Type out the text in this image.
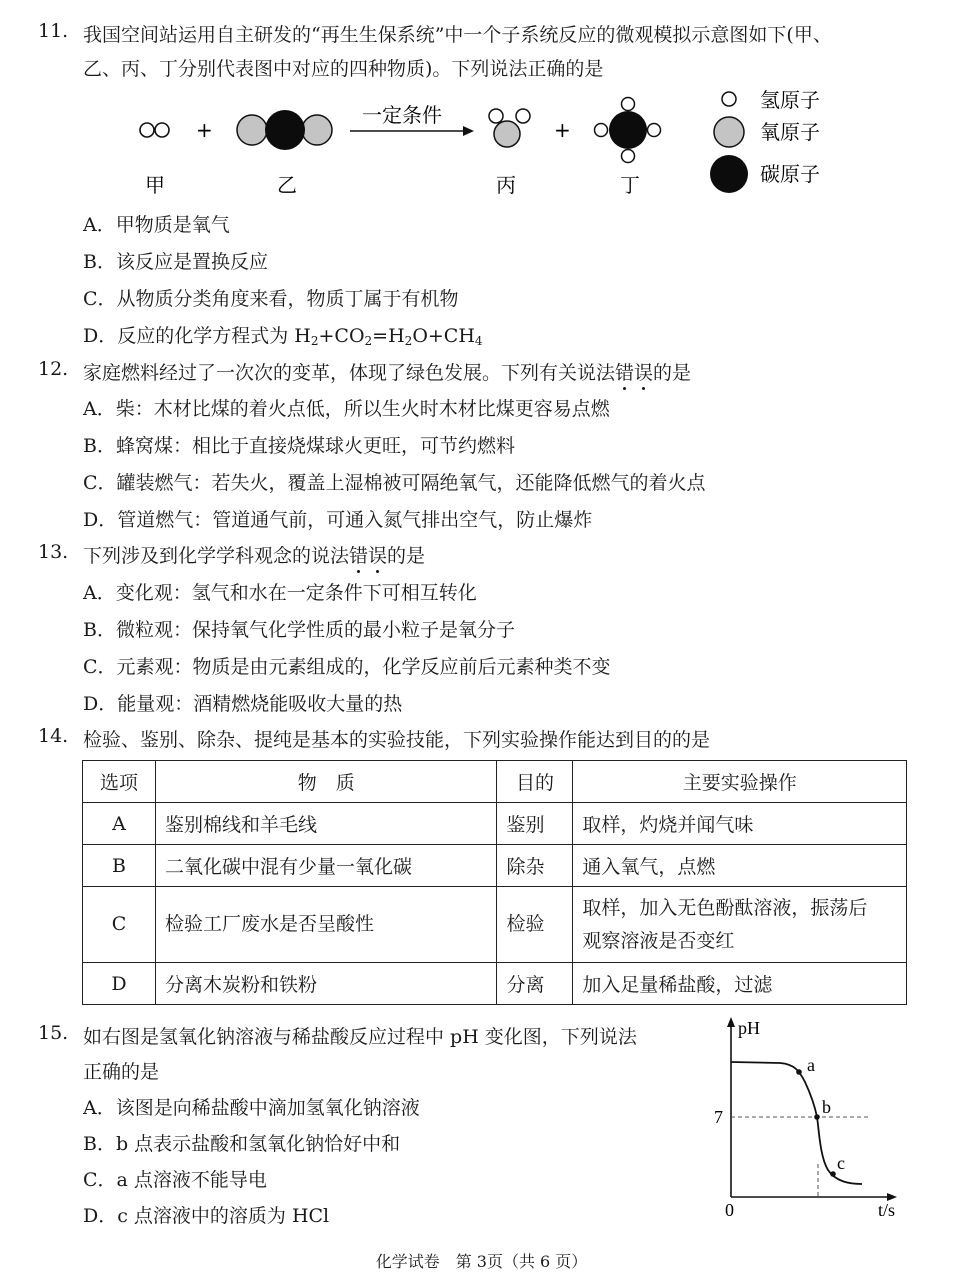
11. 我国空间站运用自主研发的“再生生保系统”中一个子系统反应的微观模拟示意图如下(甲、
乙、丙、丁分别代表图中对应的四种物质)。下列说法正确的是
+
一定条件
+
甲	乙	丙	丁
氢原子
氧原子
碳原子
A．甲物质是氧气
B．该反应是置换反应
C．从物质分类角度来看，物质丁属于有机物
D．反应的化学方程式为 $H_2+CO_2=H_2O+CH_4$
12. 家庭燃料经过了一次次的变革，体现了绿色发展。下列有关说法错误的是
A．柴：木材比煤的着火点低，所以生火时木材比煤更容易点燃
B．蜂窝煤：相比于直接烧煤球火更旺，可节约燃料
C．罐装燃气：若失火，覆盖上湿棉被可隔绝氧气，还能降低燃气的着火点
D．管道燃气：管道通气前，可通入氮气排出空气，防止爆炸
13. 下列涉及到化学学科观念的说法错误的是
A．变化观：氢气和水在一定条件下可相互转化
B．微粒观：保持氧气化学性质的最小粒子是氧分子
C．元素观：物质是由元素组成的，化学反应前后元素种类不变
D．能量观：酒精燃烧能吸收大量的热
14. 检验、鉴别、除杂、提纯是基本的实验技能，下列实验操作能达到目的的是
选项	物　质	目的	主要实验操作
A	鉴别棉线和羊毛线	鉴别	取样，灼烧并闻气味
B	二氧化碳中混有少量一氧化碳	除杂	通入氧气，点燃
C	检验工厂废水是否呈酸性	检验	取样，加入无色酚酞溶液，振荡后
观察溶液是否变红

D	分离木炭粉和铁粉	分离	加入足量稀盐酸，过滤
15. 如右图是氢氧化钠溶液与稀盐酸反应过程中 pH 变化图，下列说法
正确的是
A．该图是向稀盐酸中滴加氢氧化钠溶液
B．b 点表示盐酸和氢氧化钠恰好中和
C．a 点溶液不能导电
D．c 点溶液中的溶质为 HCl
pH
t/s
0
7
a
b
c
化学试卷　第 3页（共 6 页）
